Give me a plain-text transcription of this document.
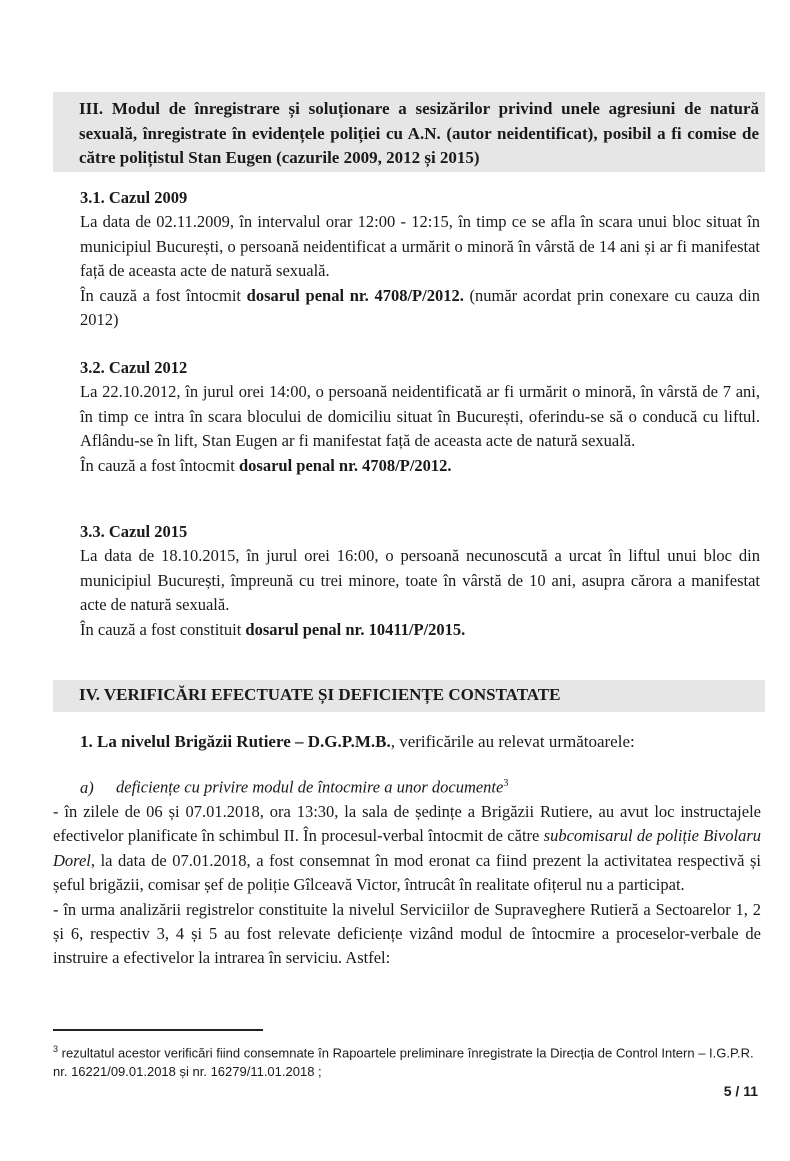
III. Modul de înregistrare și soluționare a sesizărilor privind unele agresiuni de natură sexuală, înregistrate în evidențele poliției cu A.N. (autor neidentificat), posibil a fi comise de către polițistul Stan Eugen (cazurile 2009, 2012 și 2015)

3.1. Cazul 2009

La data de 02.11.2009, în intervalul orar 12:00 - 12:15, în timp ce se afla în scara unui bloc situat în municipiul București, o persoană neidentificat a urmărit o minoră în vârstă de 14 ani și ar fi manifestat față de aceasta acte de natură sexuală.

În cauză a fost întocmit dosarul penal nr. 4708/P/2012. (număr acordat prin conexare cu cauza din 2012)

3.2. Cazul 2012

La 22.10.2012, în jurul orei 14:00, o persoană neidentificată ar fi urmărit o minoră, în vârstă de 7 ani, în timp ce intra în scara blocului de domiciliu situat în București, oferindu-se să o conducă cu liftul. Aflându-se în lift, Stan Eugen ar fi manifestat față de aceasta acte de natură sexuală.

În cauză a fost întocmit dosarul penal nr. 4708/P/2012.

3.3. Cazul 2015

La data de 18.10.2015, în jurul orei 16:00, o persoană necunoscută a urcat în liftul unui bloc din municipiul București, împreună cu trei minore, toate în vârstă de 10 ani, asupra cărora a manifestat acte de natură sexuală.

În cauză a fost constituit dosarul penal nr. 10411/P/2015.

IV. VERIFICĂRI EFECTUATE ȘI DEFICIENȚE CONSTATATE
1. La nivelul Brigăzii Rutiere – D.G.P.M.B., verificările au relevat următoarele:

a) deficiențe cu privire modul de întocmire a unor documente$^3$

- în zilele de 06 și 07.01.2018, ora 13:30, la sala de ședințe a Brigăzii Rutiere, au avut loc instructajele efectivelor planificate în schimbul II. În procesul-verbal întocmit de către subcomisarul de poliție Bivolaru Dorel, la data de 07.01.2018, a fost consemnat în mod eronat ca fiind prezent la activitatea respectivă și șeful brigăzii, comisar șef de poliție Gîlceavă Victor, întrucât în realitate ofițerul nu a participat.

- în urma analizării registrelor constituite la nivelul Serviciilor de Supraveghere Rutieră a Sectoarelor 1, 2 și 6, respectiv 3, 4 și 5 au fost relevate deficiențe vizând modul de întocmire a proceselor-verbale de instruire a efectivelor la intrarea în serviciu. Astfel:

$^3$ rezultatul acestor verificări fiind consemnate în Rapoartele preliminare înregistrate la Direcția de Control Intern – I.G.P.R. nr. 16221/09.01.2018 și nr. 16279/11.01.2018 ;
5 / 11
